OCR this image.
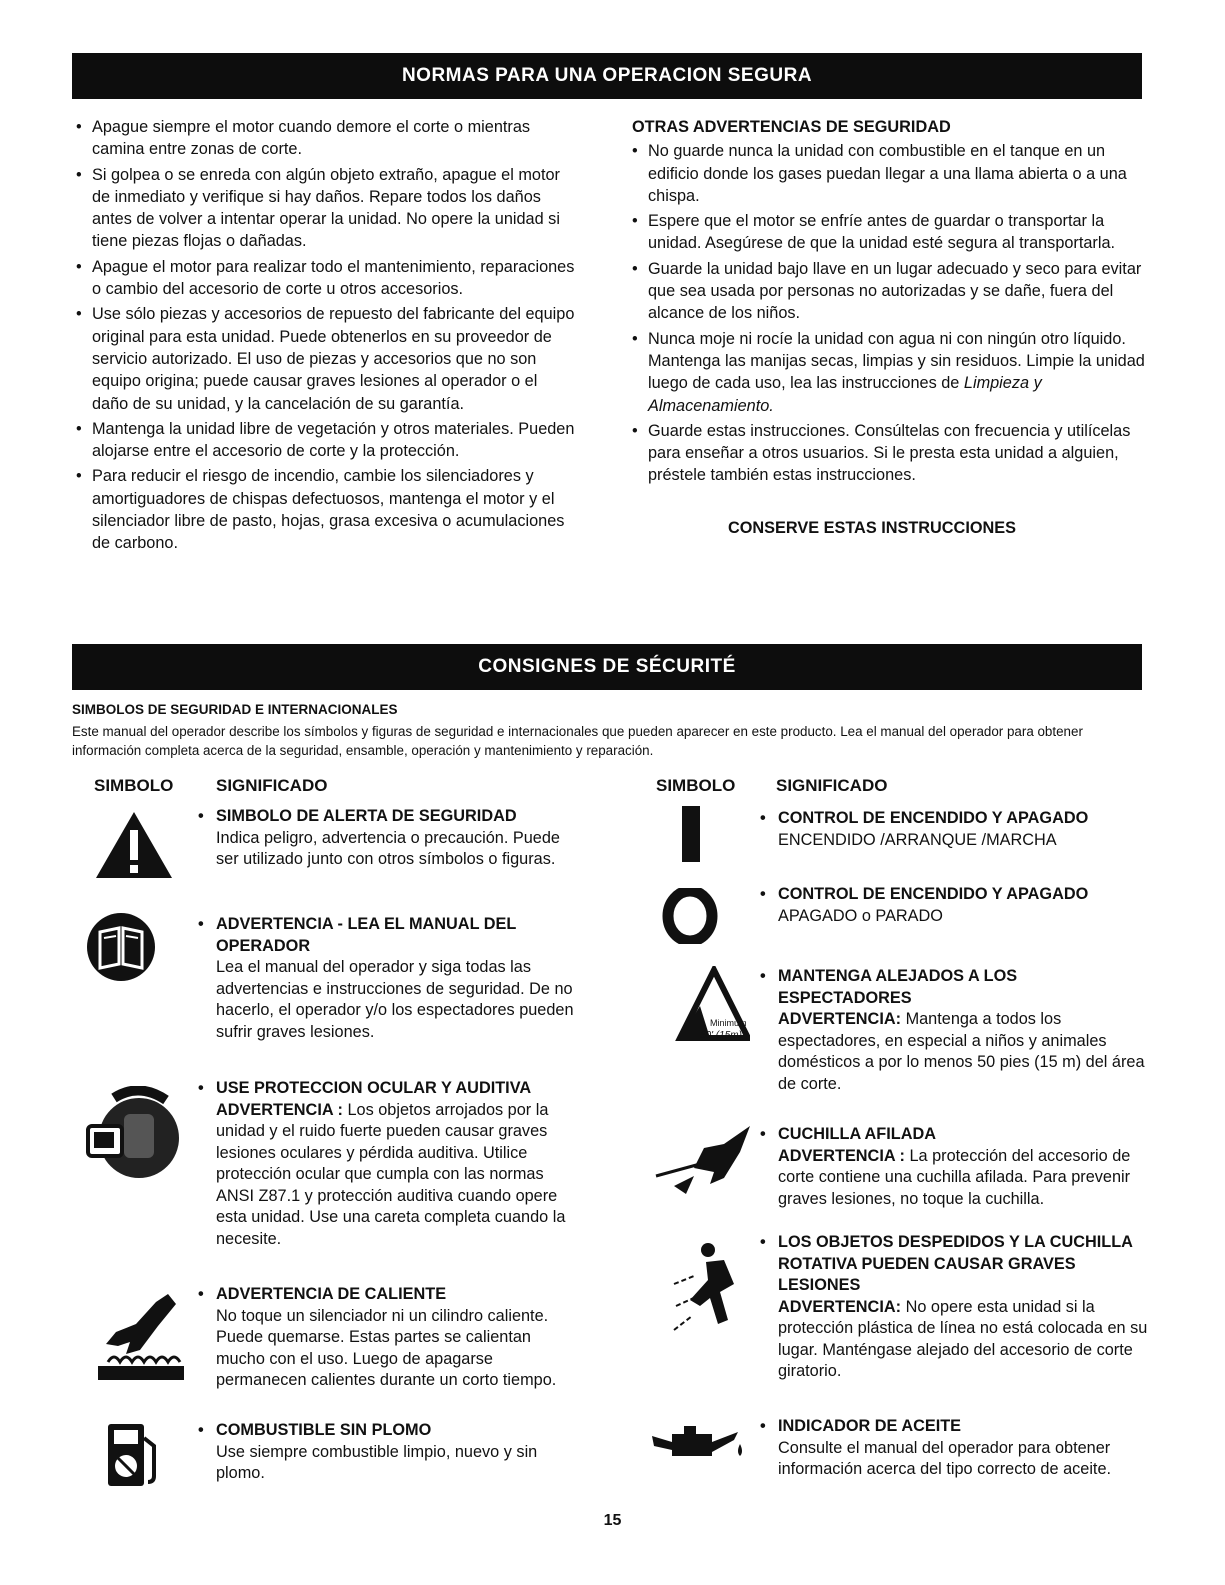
NORMAS PARA UNA OPERACION SEGURA
• Apague siempre el motor cuando demore el corte o mientras camina entre zonas de corte.
• Si golpea o se enreda con algún objeto extraño, apague el motor de inmediato y verifique si hay daños. Repare todos los daños antes de volver a intentar operar la unidad. No opere la unidad si tiene piezas flojas o dañadas.
• Apague el motor para realizar todo el mantenimiento, reparaciones o cambio del accesorio de corte u otros accesorios.
• Use sólo piezas y accesorios de repuesto del fabricante del equipo original para esta unidad. Puede obtenerlos en su proveedor de servicio autorizado. El uso de piezas y accesorios que no son equipo origina; puede causar graves lesiones al operador o el daño de su unidad, y la cancelación de su garantía.
• Mantenga la unidad libre de vegetación y otros materiales. Pueden alojarse entre el accesorio de corte y la protección.
• Para reducir el riesgo de incendio, cambie los silenciadores y amortiguadores de chispas defectuosos, mantenga el motor y el silenciador libre de pasto, hojas, grasa excesiva o acumulaciones de carbono.
OTRAS ADVERTENCIAS DE SEGURIDAD
• No guarde nunca la unidad con combustible en el tanque en un edificio donde los gases puedan llegar a una llama abierta o a una chispa.
• Espere que el motor se enfríe antes de guardar o transportar la unidad. Asegúrese de que la unidad esté segura al transportarla.
• Guarde la unidad bajo llave en un lugar adecuado y seco para evitar que sea usada por personas no autorizadas y se dañe, fuera del alcance de los niños.
• Nunca moje ni rocíe la unidad con agua ni con ningún otro líquido. Mantenga las manijas secas, limpias y sin residuos. Limpie la unidad luego de cada uso, lea las instrucciones de Limpieza y Almacenamiento.
• Guarde estas instrucciones. Consúltelas con frecuencia y utilícelas para enseñar a otros usuarios. Si le presta esta unidad a alguien, préstele también estas instrucciones.
CONSERVE ESTAS INSTRUCCIONES
CONSIGNES DE SÉCURITÉ
SIMBOLOS DE SEGURIDAD E INTERNACIONALES
Este manual del operador describe los símbolos y figuras de seguridad e internacionales que pueden aparecer en este producto. Lea el manual del operador para obtener información completa acerca de la seguridad, ensamble, operación y mantenimiento y reparación.
SIMBOLO	SIGNIFICADO	SIMBOLO SIGNIFICADO
• SIMBOLO DE ALERTA DE SEGURIDAD
Indica peligro, advertencia o precaución. Puede ser utilizado junto con otros símbolos o figuras.
• ADVERTENCIA - LEA EL MANUAL DEL OPERADOR
Lea el manual del operador y siga todas las advertencias e instrucciones de seguridad. De no hacerlo, el operador y/o los espectadores pueden sufrir graves lesiones.
• USE PROTECCION OCULAR Y AUDITIVA
ADVERTENCIA : Los objetos arrojados por la unidad y el ruido fuerte pueden causar graves lesiones oculares y pérdida auditiva. Utilice protección ocular que cumpla con las normas ANSI Z87.1 y protección auditiva cuando opere esta unidad. Use una careta completa cuando la necesite.
• ADVERTENCIA DE CALIENTE
No toque un silenciador ni un cilindro caliente. Puede quemarse. Estas partes se calientan mucho con el uso. Luego de apagarse permanecen calientes durante un corto tiempo.
• COMBUSTIBLE SIN PLOMO
Use siempre combustible limpio, nuevo y sin plomo.
• CONTROL DE ENCENDIDO Y APAGADO
ENCENDIDO /ARRANQUE /MARCHA
• CONTROL DE ENCENDIDO Y APAGADO
APAGADO o PARADO
Minimum
50' (15m)
• MANTENGA ALEJADOS A LOS ESPECTADORES
ADVERTENCIA: Mantenga a todos los espectadores, en especial a niños y animales domésticos a por lo menos 50 pies (15 m) del área de corte.
• CUCHILLA AFILADA
ADVERTENCIA : La protección del accesorio de corte contiene una cuchilla afilada. Para prevenir graves lesiones, no toque la cuchilla.
• LOS OBJETOS DESPEDIDOS Y LA CUCHILLA ROTATIVA PUEDEN CAUSAR GRAVES LESIONES
ADVERTENCIA: No opere esta unidad si la protección plástica de línea no está colocada en su lugar. Manténgase alejado del accesorio de corte giratorio.
• INDICADOR DE ACEITE
Consulte el manual del operador para obtener información acerca del tipo correcto de aceite.
15
